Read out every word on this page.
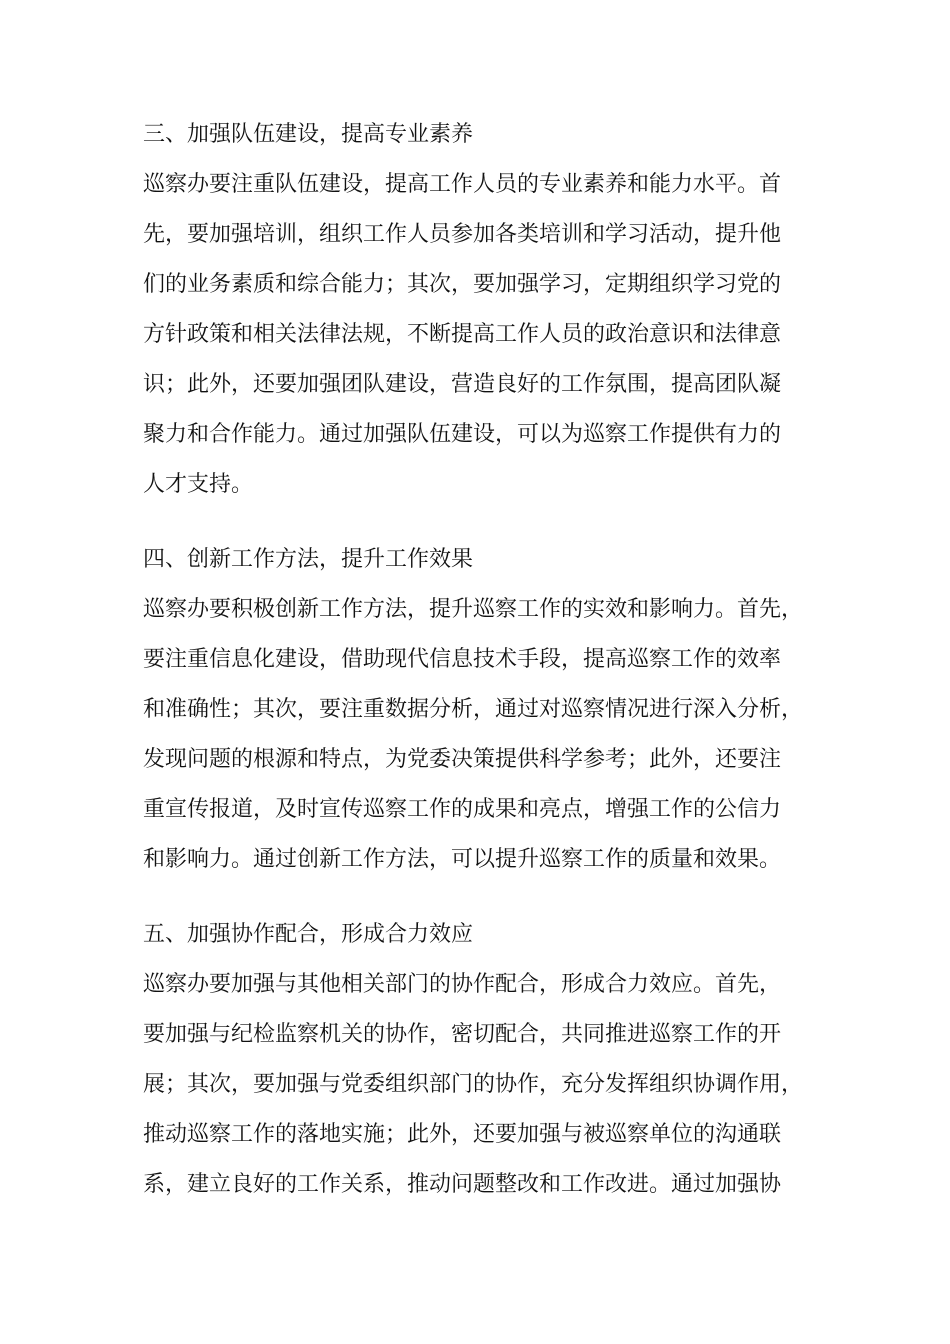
三、加强队伍建设，提高专业素养
巡察办要注重队伍建设，提高工作人员的专业素养和能力水平。首
先，要加强培训，组织工作人员参加各类培训和学习活动，提升他
们的业务素质和综合能力；其次，要加强学习，定期组织学习党的
方针政策和相关法律法规，不断提高工作人员的政治意识和法律意
识；此外，还要加强团队建设，营造良好的工作氛围，提高团队凝
聚力和合作能力。通过加强队伍建设，可以为巡察工作提供有力的
人才支持。
四、创新工作方法，提升工作效果
巡察办要积极创新工作方法，提升巡察工作的实效和影响力。首先，
要注重信息化建设，借助现代信息技术手段，提高巡察工作的效率
和准确性；其次，要注重数据分析，通过对巡察情况进行深入分析，
发现问题的根源和特点，为党委决策提供科学参考；此外，还要注
重宣传报道，及时宣传巡察工作的成果和亮点，增强工作的公信力
和影响力。通过创新工作方法，可以提升巡察工作的质量和效果。
五、加强协作配合，形成合力效应
巡察办要加强与其他相关部门的协作配合，形成合力效应。首先，
要加强与纪检监察机关的协作，密切配合，共同推进巡察工作的开
展；其次，要加强与党委组织部门的协作，充分发挥组织协调作用，
推动巡察工作的落地实施；此外，还要加强与被巡察单位的沟通联
系，建立良好的工作关系，推动问题整改和工作改进。通过加强协
